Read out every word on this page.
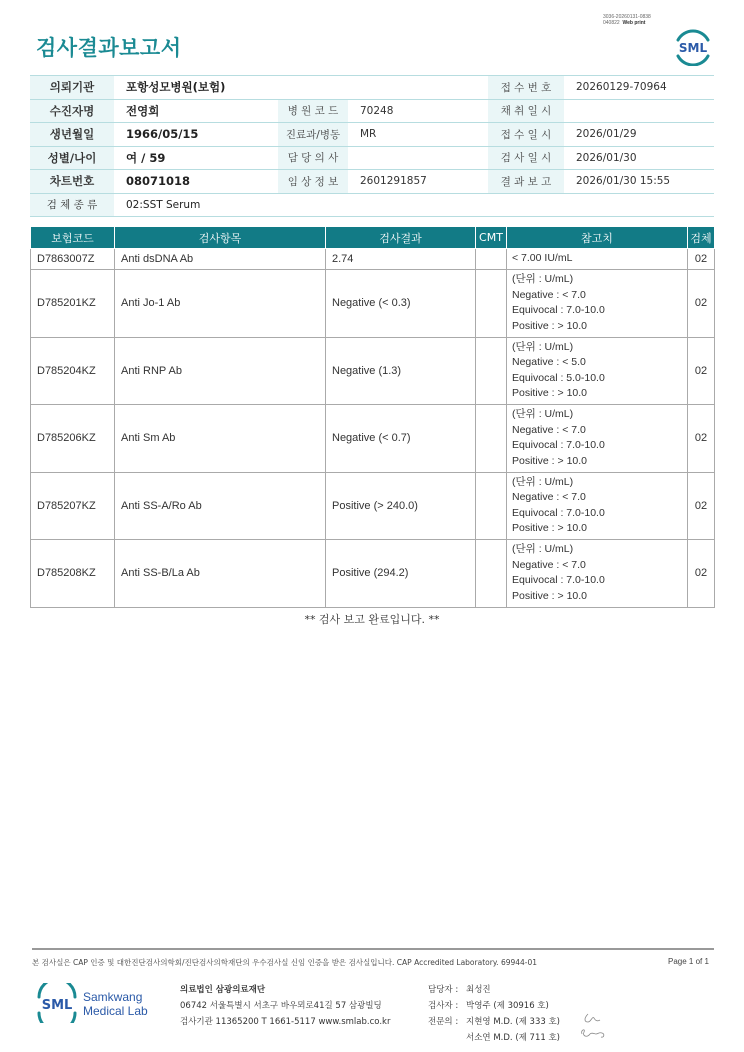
3036-20260131-0838
040822 Web print
검사결과보고서	SML
의뢰기관	포항성모병원(보험)			접 수 번 호	20260129-70964
수진자명	전영희	병 원 코 드	70248	채 취 일 시	
생년월일	1966/05/15	진료과/병동	MR	접 수 일 시	2026/01/29
성별/나이	여 / 59	담 당 의 사		검 사 일 시	2026/01/30
차트번호	08071018	임 상 정 보	2601291857	결 과 보 고	2026/01/30 15:55
검 체 종 류	02:SST Serum				
보험코드	검사항목	검사결과	CMT	참고치	검체
D7863007Z	Anti dsDNA Ab	2.74		< 7.00 IU/mL	02
D785201KZ	Anti Jo-1 Ab	Negative (< 0.3)		(단위 : U/mL)
Negative : < 7.0
Equivocal : 7.0-10.0
Positive : > 10.0	02
D785204KZ	Anti RNP Ab	Negative (1.3)		(단위 : U/mL)
Negative : < 5.0
Equivocal : 5.0-10.0
Positive : > 10.0	02
D785206KZ	Anti Sm Ab	Negative (< 0.7)		(단위 : U/mL)
Negative : < 7.0
Equivocal : 7.0-10.0
Positive : > 10.0	02
D785207KZ	Anti SS-A/Ro Ab	Positive (> 240.0)		(단위 : U/mL)
Negative : < 7.0
Equivocal : 7.0-10.0
Positive : > 10.0	02
D785208KZ	Anti SS-B/La Ab	Positive (294.2)		(단위 : U/mL)
Negative : < 7.0
Equivocal : 7.0-10.0
Positive : > 10.0	02
** 검사 보고 완료입니다. **
본 검사실은 CAP 인증 및 대한진단검사의학회/진단검사의학재단의 우수검사실 신임 인증을 받은 검사실입니다. CAP Accredited Laboratory. 69944-01	Page 1 of 1
SML
Samkwang
Medical Lab
의료법인 삼광의료재단
06742 서울특별시 서초구 바우뫼로41길 57 삼광빌딩
검사기관 11365200 T 1661-5117 www.smlab.co.kr
담당자 : 최성진
검사자 : 박영주 (제 30916 호)
전문의 : 지현영 M.D. (제 333 호)
서소연 M.D. (제 711 호)
